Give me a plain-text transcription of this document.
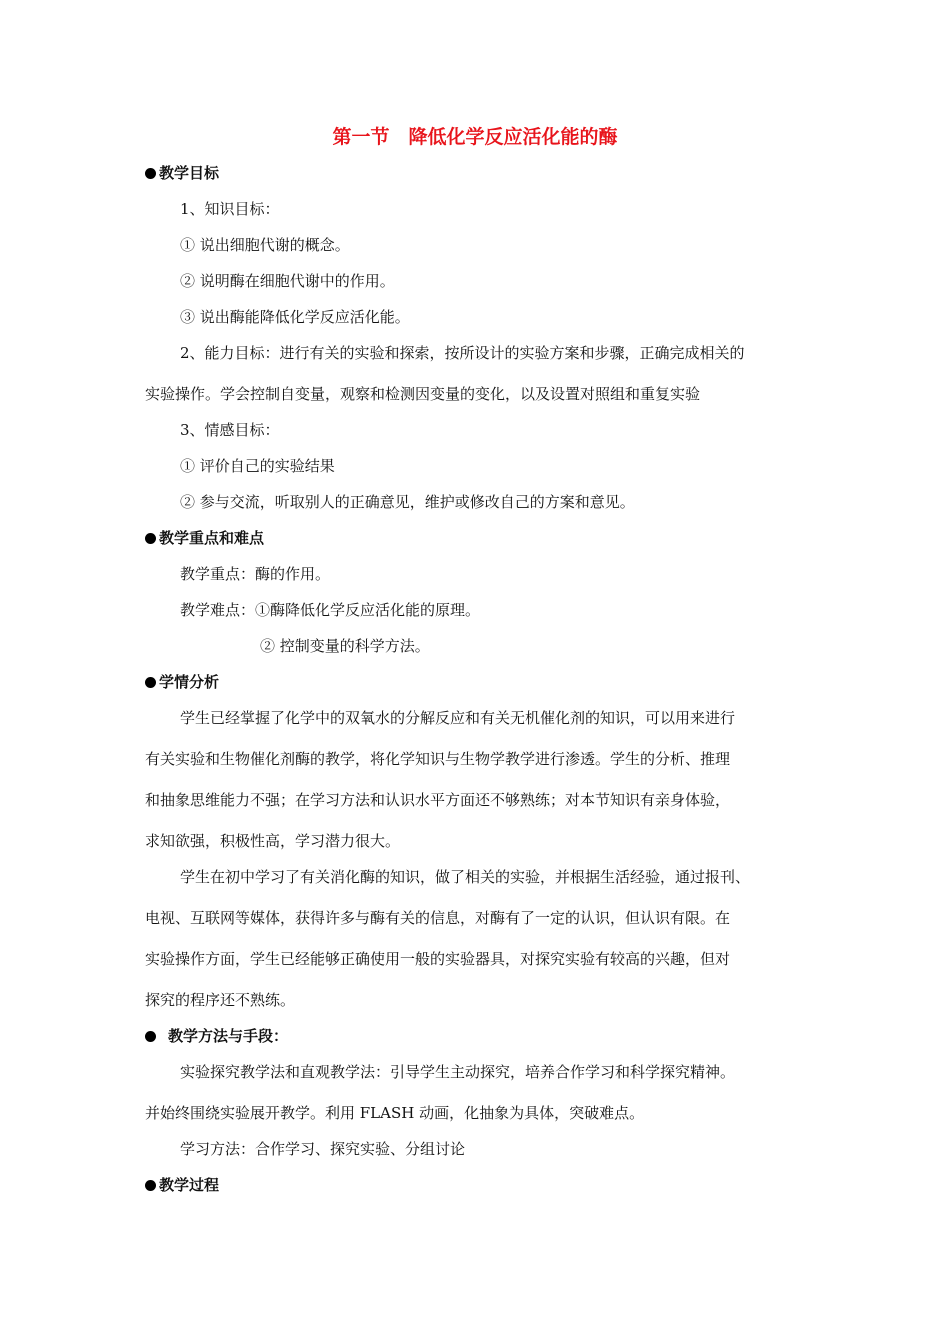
第一节　降低化学反应活化能的酶
教学目标
1、知识目标：
① 说出细胞代谢的概念。
② 说明酶在细胞代谢中的作用。
③ 说出酶能降低化学反应活化能。
2、能力目标：进行有关的实验和探索，按所设计的实验方案和步骤，正确完成相关的
实验操作。学会控制自变量，观察和检测因变量的变化，以及设置对照组和重复实验
3、情感目标：
① 评价自己的实验结果
② 参与交流，听取别人的正确意见，维护或修改自己的方案和意见。
教学重点和难点
教学重点：酶的作用。
教学难点：①酶降低化学反应活化能的原理。
② 控制变量的科学方法。
学情分析
学生已经掌握了化学中的双氧水的分解反应和有关无机催化剂的知识，可以用来进行
有关实验和生物催化剂酶的教学，将化学知识与生物学教学进行渗透。学生的分析、推理
和抽象思维能力不强；在学习方法和认识水平方面还不够熟练；对本节知识有亲身体验，
求知欲强，积极性高，学习潜力很大。
学生在初中学习了有关消化酶的知识，做了相关的实验，并根据生活经验，通过报刊、
电视、互联网等媒体，获得许多与酶有关的信息，对酶有了一定的认识，但认识有限。在
实验操作方面，学生已经能够正确使用一般的实验器具，对探究实验有较高的兴趣，但对
探究的程序还不熟练。
教学方法与手段：
实验探究教学法和直观教学法：引导学生主动探究，培养合作学习和科学探究精神。
并始终围绕实验展开教学。利用 FLASH 动画，化抽象为具体，突破难点。
学习方法：合作学习、探究实验、分组讨论
教学过程
